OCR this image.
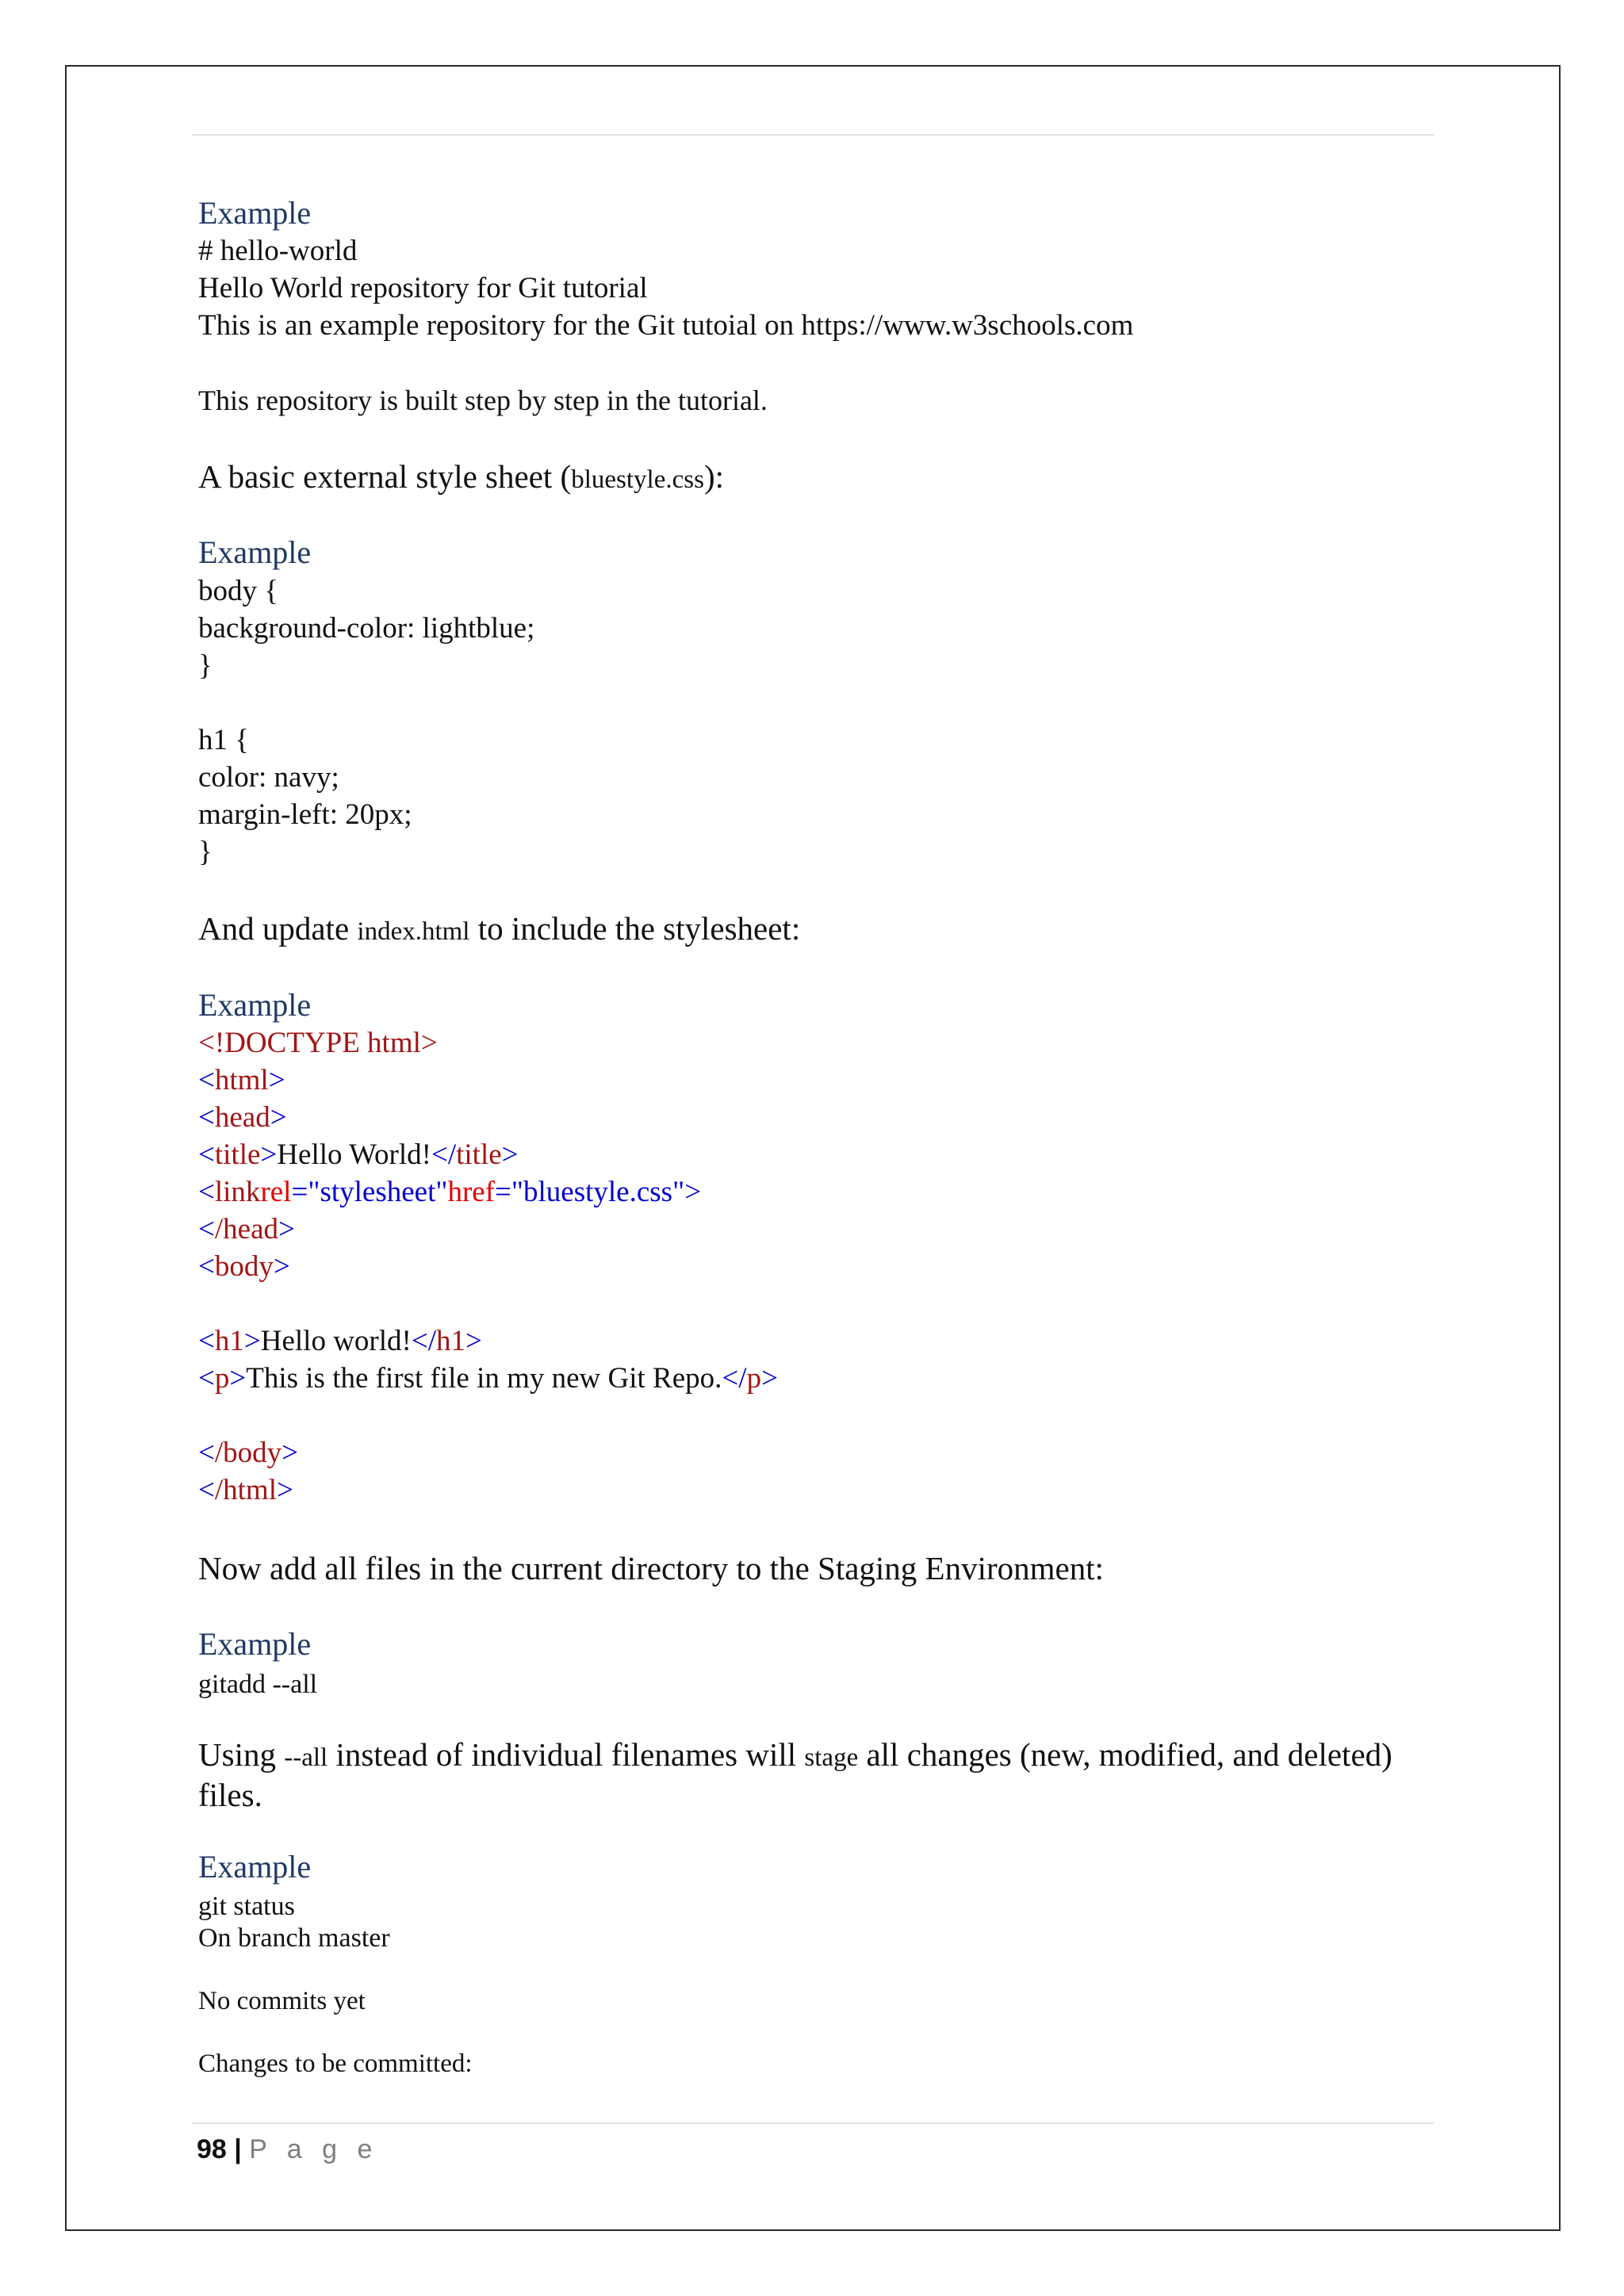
Example
# hello-world
Hello World repository for Git tutorial
This is an example repository for the Git tutoial on https://www.w3schools.com
This repository is built step by step in the tutorial.
A basic external style sheet (bluestyle.css):
Example
body {
background-color: lightblue;
}
h1 {
color: navy;
margin-left: 20px;
}
And update index.html to include the stylesheet:
Example
<!DOCTYPE html>
<html>
<head>
<title>Hello World!</title>
<linkrel="stylesheet"href="bluestyle.css">
</head>
<body>
<h1>Hello world!</h1>
<p>This is the first file in my new Git Repo.</p>
</body>
</html>
Now add all files in the current directory to the Staging Environment:
Example
gitadd --all
Using --all instead of individual filenames will stage all changes (new, modified, and deleted) files.
Example
git status
On branch master
No commits yet
Changes to be committed:
98 | P a g e
